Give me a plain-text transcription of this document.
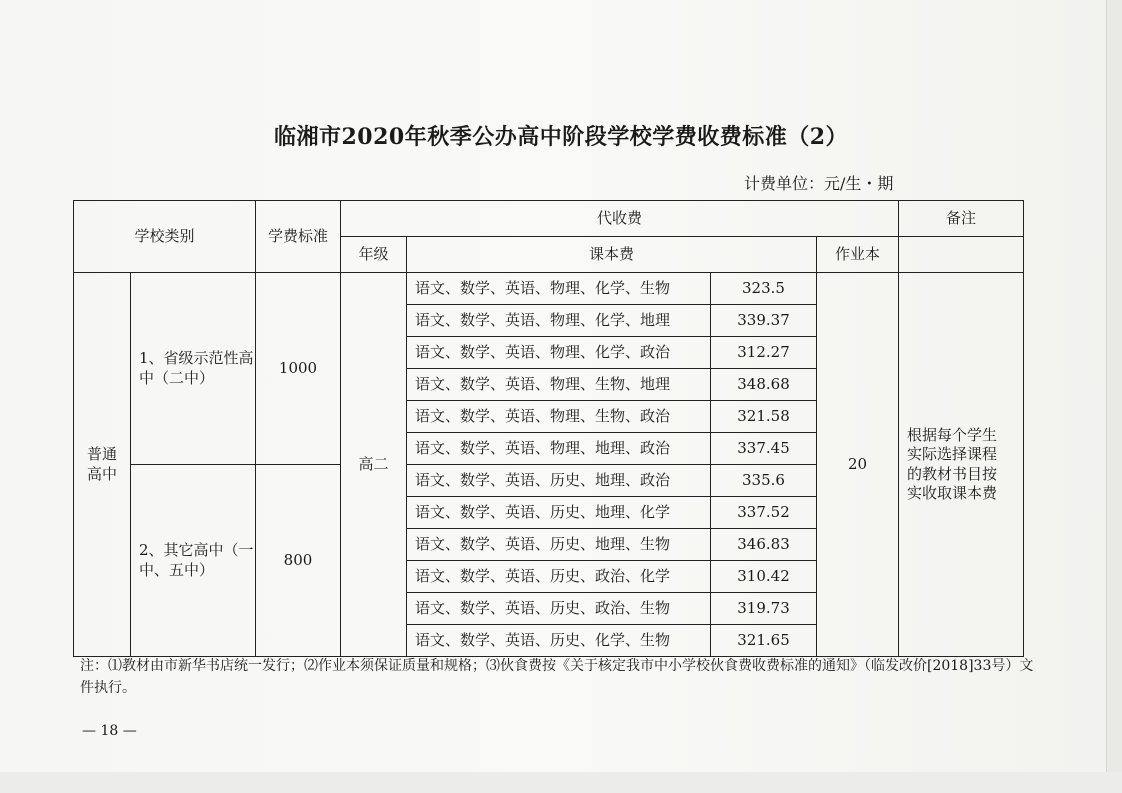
临湘市2020年秋季公办高中阶段学校学费收费标准（2）
计费单位：元/生・期
学校类别		学费标准	代收费				备注
			年级	课本费		作业本	
普通高中	1、省级示范性高中（二中）	1000	高二	语文、数学、英语、物理、化学、生物	323.5	20	根据每个学生实际选择课程的教材书目按实收取课本费
				语文、数学、英语、物理、化学、地理	339.37		
				语文、数学、英语、物理、化学、政治	312.27		
				语文、数学、英语、物理、生物、地理	348.68		
				语文、数学、英语、物理、生物、政治	321.58		
				语文、数学、英语、物理、地理、政治	337.45		
	2、其它高中（一中、五中）	800		语文、数学、英语、历史、地理、政治	335.6		
				语文、数学、英语、历史、地理、化学	337.52		
				语文、数学、英语、历史、地理、生物	346.83		
				语文、数学、英语、历史、政治、化学	310.42		
				语文、数学、英语、历史、政治、生物	319.73		
				语文、数学、英语、历史、化学、生物	321.65		
注：⑴教材由市新华书店统一发行；⑵作业本须保证质量和规格；⑶伙食费按《关于核定我市中小学校伙食费收费标准的通知》（临发改价[2018]33号）文件执行。
— 18 —
